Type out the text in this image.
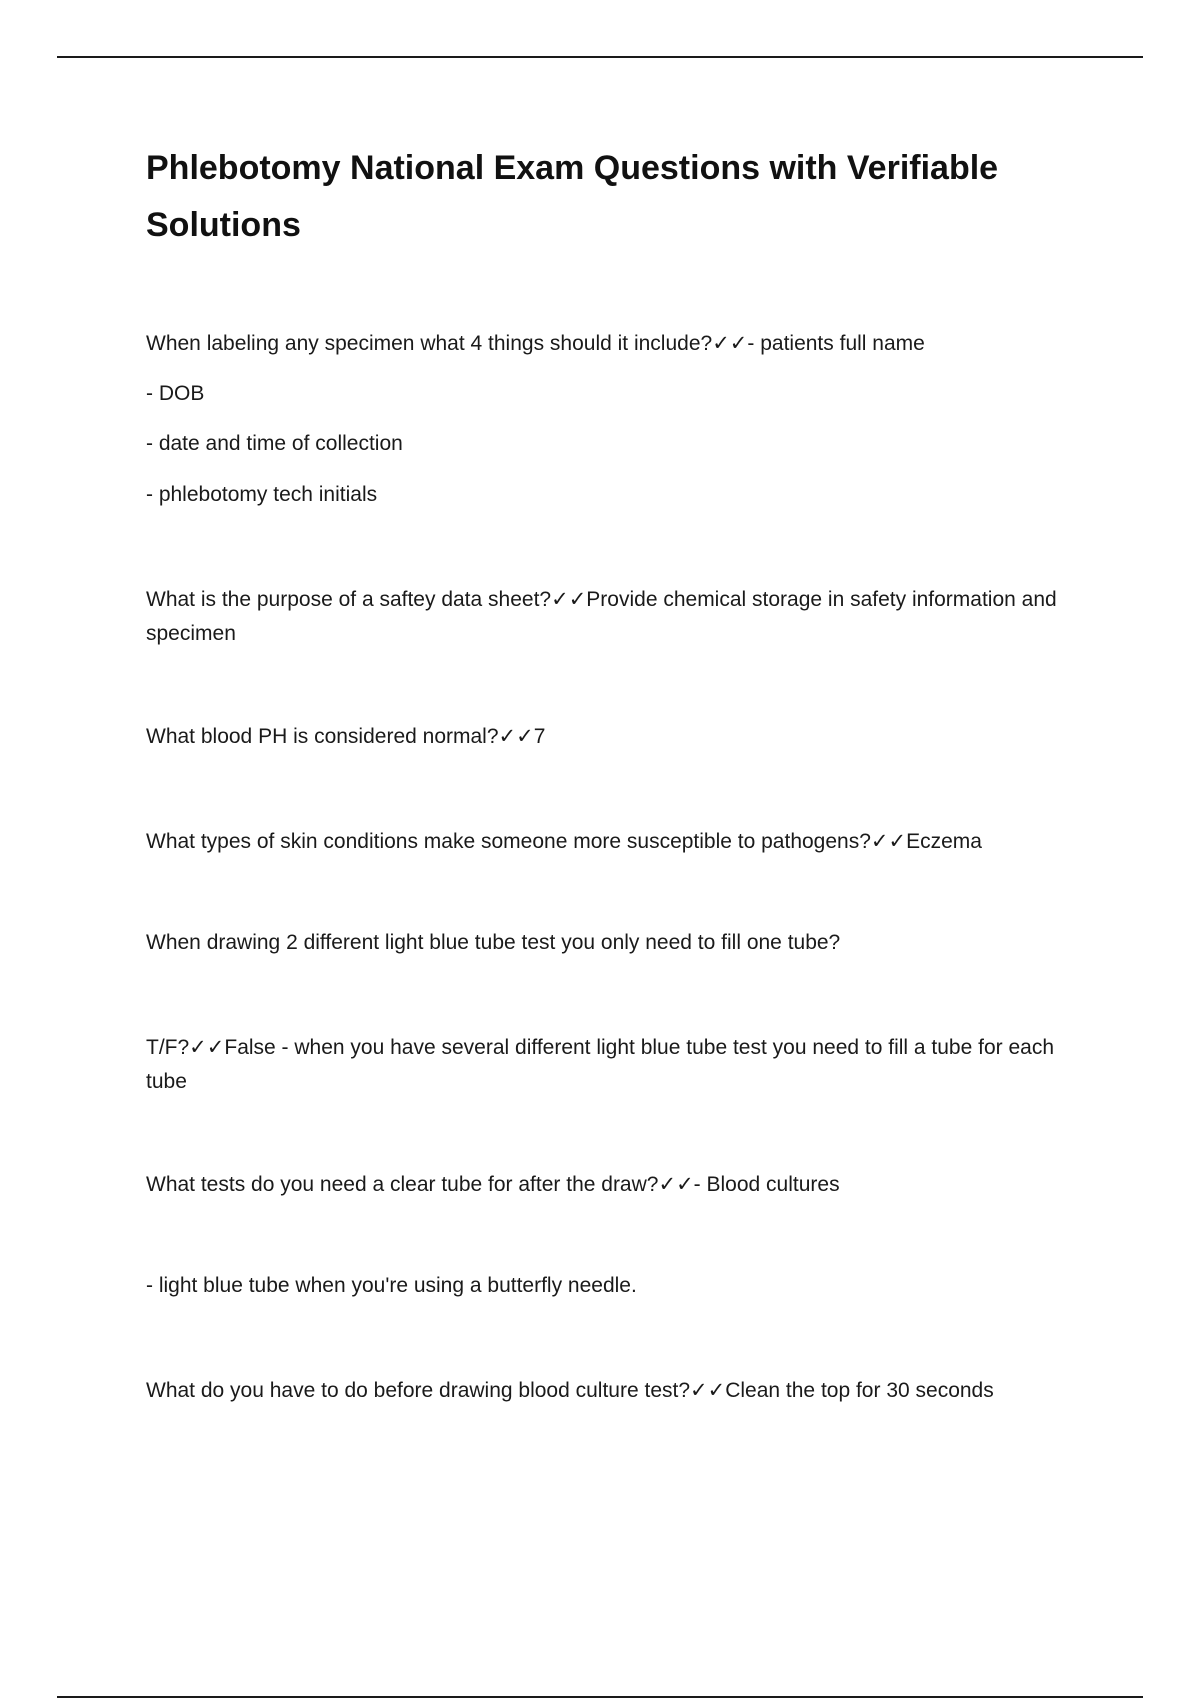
Phlebotomy National Exam Questions with Verifiable Solutions

When labeling any specimen what 4 things should it include?✓✓- patients full name

- DOB

- date and time of collection

- phlebotomy tech initials

What is the purpose of a saftey data sheet?✓✓Provide chemical storage in safety information and specimen

What blood PH is considered normal?✓✓7

What types of skin conditions make someone more susceptible to pathogens?✓✓Eczema

When drawing 2 different light blue tube test you only need to fill one tube?

T/F?✓✓False - when you have several different light blue tube test you need to fill a tube for each tube

What tests do you need a clear tube for after the draw?✓✓- Blood cultures

- light blue tube when you're using a butterfly needle.

What do you have to do before drawing blood culture test?✓✓Clean the top for 30 seconds
